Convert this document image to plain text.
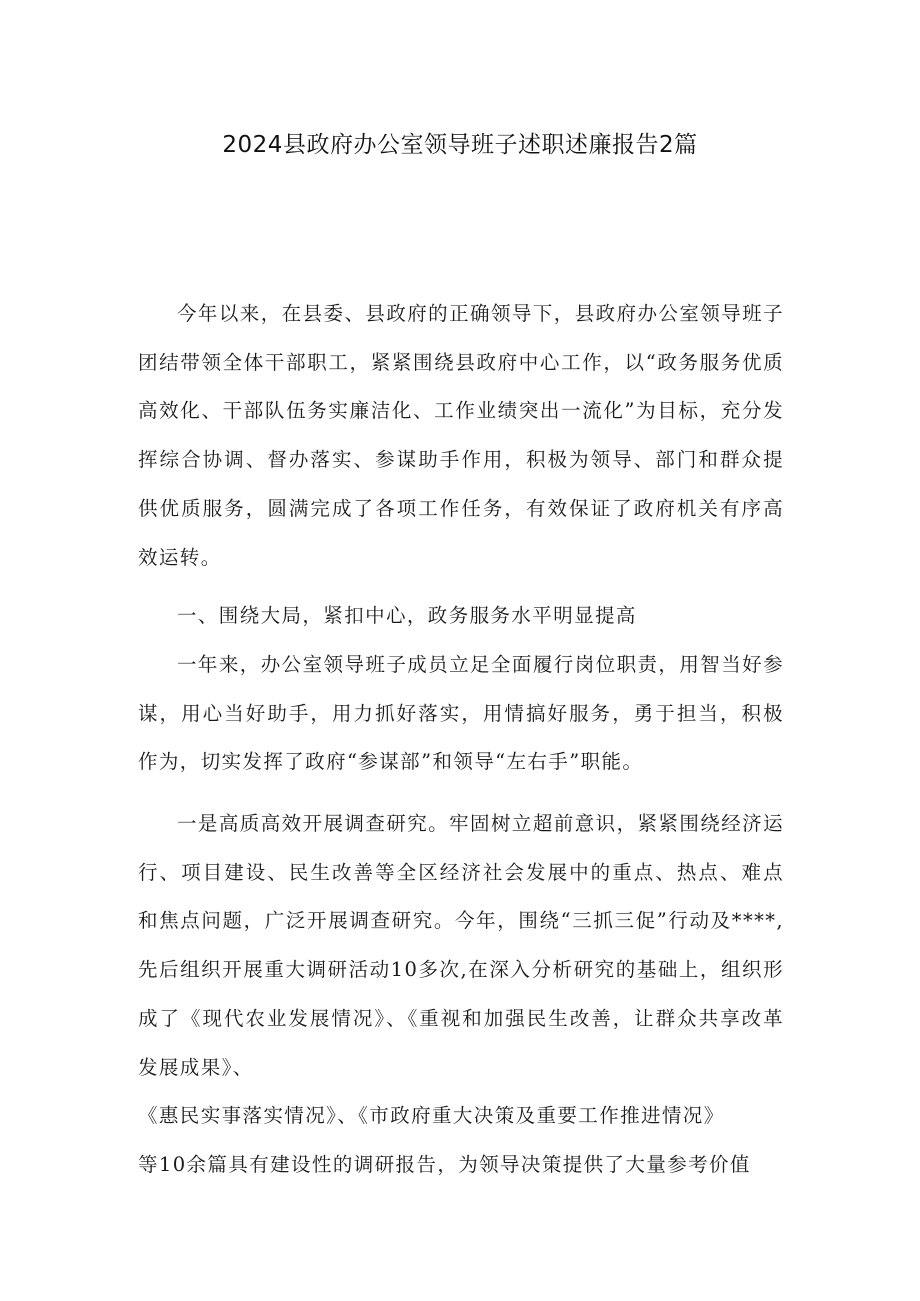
2024县政府办公室领导班子述职述廉报告2篇

今年以来，在县委、县政府的正确领导下，县政府办公室领导班子团结带领全体干部职工，紧紧围绕县政府中心工作，以“政务服务优质高效化、干部队伍务实廉洁化、工作业绩突出一流化”为目标，充分发挥综合协调、督办落实、参谋助手作用，积极为领导、部门和群众提供优质服务，圆满完成了各项工作任务，有效保证了政府机关有序高效运转。

一、围绕大局，紧扣中心，政务服务水平明显提高

一年来，办公室领导班子成员立足全面履行岗位职责，用智当好参谋，用心当好助手，用力抓好落实，用情搞好服务，勇于担当，积极作为，切实发挥了政府“参谋部”和领导“左右手”职能。

一是高质高效开展调查研究。牢固树立超前意识，紧紧围绕经济运行、项目建设、民生改善等全区经济社会发展中的重点、热点、难点和焦点问题，广泛开展调查研究。今年，围绕“三抓三促”行动及****,先后组织开展重大调研活动10多次,在深入分析研究的基础上，组织形成了《现代农业发展情况》、《重视和加强民生改善，让群众共享改革发展成果》、
《惠民实事落实情况》、《市政府重大决策及重要工作推进情况》
等10余篇具有建设性的调研报告，为领导决策提供了大量参考价值
